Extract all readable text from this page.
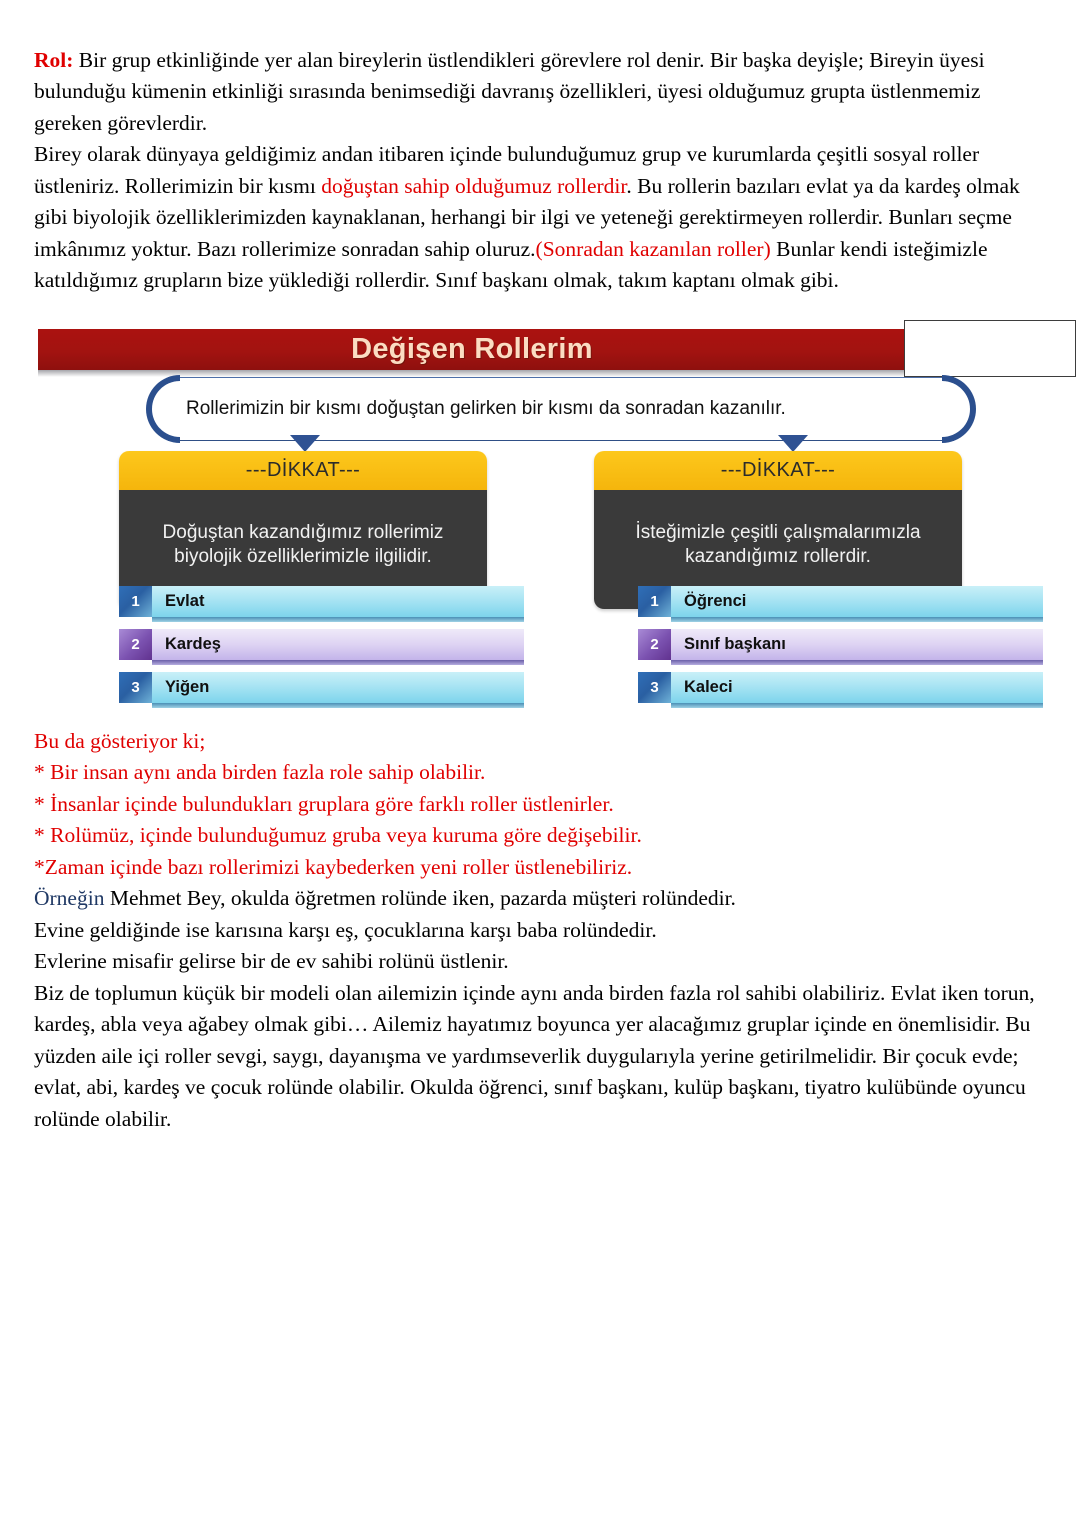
Rol: Bir grup etkinliğinde yer alan bireylerin üstlendikleri görevlere rol denir. Bir başka deyişle; Bireyin üyesi bulunduğu kümenin etkinliği sırasında benimsediği davranış özellikleri, üyesi olduğumuz grupta üstlenmemiz gereken görevlerdir.

Birey olarak dünyaya geldiğimiz andan itibaren içinde bulunduğumuz grup ve kurumlarda çeşitli sosyal roller üstleniriz. Rollerimizin bir kısmı doğuştan sahip olduğumuz rollerdir. Bu rollerin bazıları evlat ya da kardeş olmak gibi biyolojik özelliklerimizden kaynaklanan, herhangi bir ilgi ve yeteneği gerektirmeyen rollerdir. Bunları seçme imkânımız yoktur. Bazı rollerimize sonradan sahip oluruz.(Sonradan kazanılan roller) Bunlar kendi isteğimizle katıldığımız grupların bize yüklediği rollerdir. Sınıf başkanı olmak, takım kaptanı olmak gibi.

Değişen Rollerim
Rollerimizin bir kısmı doğuştan gelirken bir kısmı da sonradan kazanılır.
---DİKKAT---
Doğuştan kazandığımız rollerimiz biyolojik özelliklerimizle ilgilidir.
---DİKKAT---
İsteğimizle çeşitli çalışmalarımızla kazandığımız rollerdir.
1	Evlat
2	Kardeş
3	Yiğen
1	Öğrenci
2	Sınıf başkanı
3	Kaleci

Bu da gösteriyor ki;

* Bir insan aynı anda birden fazla role sahip olabilir.

* İnsanlar içinde bulundukları gruplara göre farklı roller üstlenirler.

* Rolümüz, içinde bulunduğumuz gruba veya kuruma göre değişebilir.

*Zaman içinde bazı rollerimizi kaybederken yeni roller üstlenebiliriz.

Örneğin Mehmet Bey, okulda öğretmen rolünde iken, pazarda müşteri rolündedir.

Evine geldiğinde ise karısına karşı eş, çocuklarına karşı baba rolündedir.

Evlerine misafir gelirse bir de ev sahibi rolünü üstlenir.

Biz de toplumun küçük bir modeli olan ailemizin içinde aynı anda birden fazla rol sahibi olabiliriz. Evlat iken torun, kardeş, abla veya ağabey olmak gibi… Ailemiz hayatımız boyunca yer alacağımız gruplar içinde en önemlisidir. Bu yüzden aile içi roller sevgi, saygı, dayanışma ve yardımseverlik duygularıyla yerine getirilmelidir. Bir çocuk evde; evlat, abi, kardeş ve çocuk rolünde olabilir. Okulda öğrenci, sınıf başkanı, kulüp başkanı, tiyatro kulübünde oyuncu rolünde olabilir.
